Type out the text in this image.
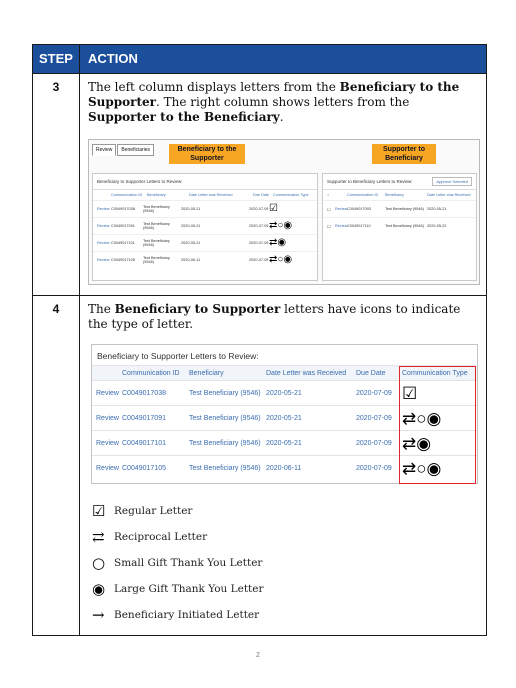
STEP	ACTION
3	The left column displays letters from the Beneficiary to the Supporter. The right column shows letters from the Supporter to the Beneficiary.

Review	Beneficiaries	Beneficiary to the Supporter
Supporter to Beneficiary
Beneficiary to Supporter Letters to Review:
Communication ID	Beneficiary	Date Letter was Received	Due Date	Communication Type
Review C0049017038	Test Beneficiary (9546)	2020-05-21	2020-07-09 ☑
Review C0049017091	Test Beneficiary (9546)	2020-05-21	2020-07-09 ⇄○◉
Review C0049017101	Test Beneficiary (9546)	2020-05-21	2020-07-09 ⇄◉
Review C0049017105	Test Beneficiary (9546)	2020-06-11	2020-07-09 ⇄○◉
Supporter to Beneficiary Letters to Review:	Approve Selected
○	Communication ID	Beneficiary	Date Letter was Received
☐	Review C0049017093	Test Beneficiary (9546) 2020-05-21
☐	Review C0049017110	Test Beneficiary (9546) 2020-05-22
4	The Beneficiary to Supporter letters have icons to indicate the type of letter.

Beneficiary to Supporter Letters to Review:
Communication ID	Beneficiary	Date Letter was Received	Due Date	Communication Type
Review C0049017038	Test Beneficiary (9546) 2020-05-21	2020-07-09 ☑
Review C0049017091	Test Beneficiary (9546) 2020-05-21	2020-07-09 ⇄○◉
Review C0049017101	Test Beneficiary (9546) 2020-05-21	2020-07-09 ⇄◉
Review C0049017105	Test Beneficiary (9546) 2020-06-11	2020-07-09 ⇄○◉
☑ Regular Letter
⇄ Reciprocal Letter
○ Small Gift Thank You Letter
◉ Large Gift Thank You Letter
→ Beneficiary Initiated Letter
2
